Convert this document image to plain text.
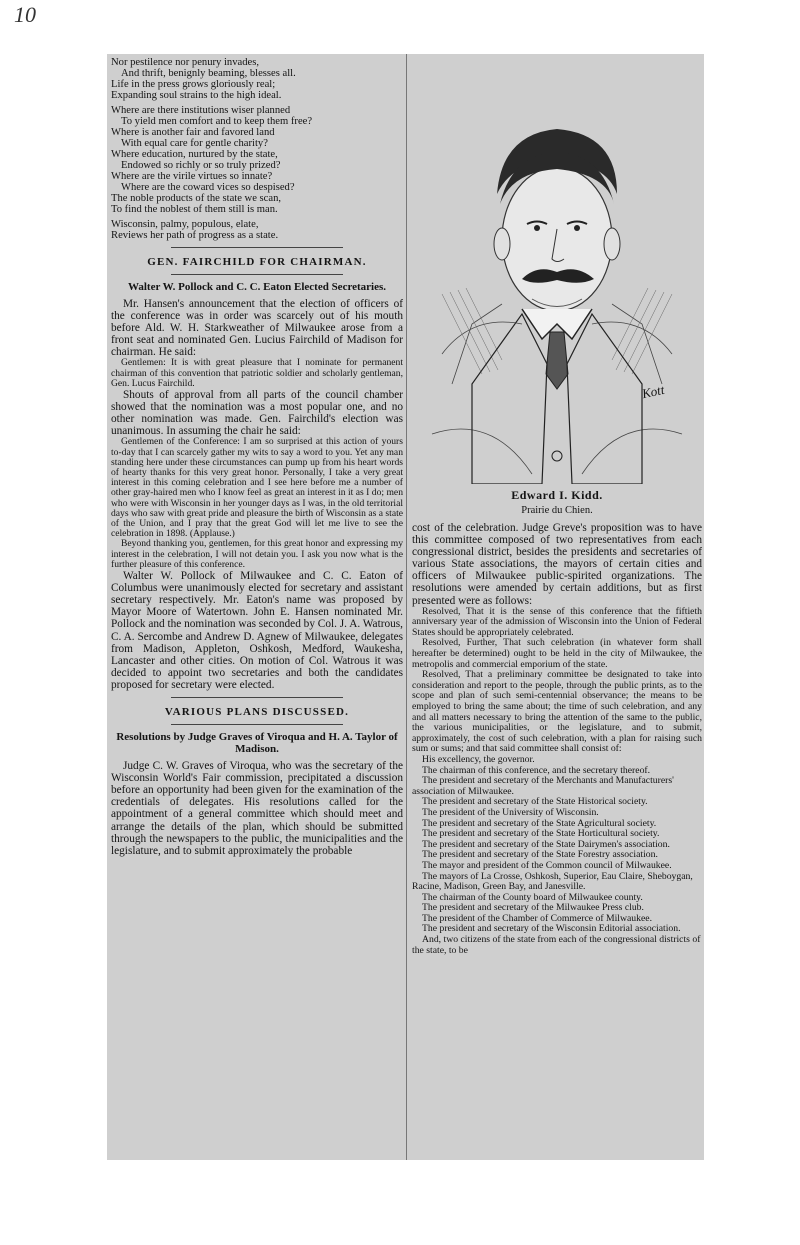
10

Nor pestilence nor penury invades,

And thrift, benignly beaming, blesses all.

Life in the press grows gloriously real;

Expanding soul strains to the high ideal.

Where are there institutions wiser planned

To yield men comfort and to keep them free?

Where is another fair and favored land

With equal care for gentle charity?

Where education, nurtured by the state,

Endowed so richly or so truly prized?

Where are the virile virtues so innate?

Where are the coward vices so despised?

The noble products of the state we scan,

To find the noblest of them still is man.

Wisconsin, palmy, populous, elate,

Reviews her path of progress as a state.

GEN. FAIRCHILD FOR CHAIRMAN.
Walter W. Pollock and C. C. Eaton Elected Secretaries.

Mr. Hansen's announcement that the election of officers of the conference was in order was scarcely out of his mouth before Ald. W. H. Starkweather of Milwaukee arose from a front seat and nominated Gen. Lucius Fairchild of Madison for chairman. He said:

Gentlemen: It is with great pleasure that I nominate for permanent chairman of this convention that patriotic soldier and scholarly gentleman, Gen. Lucus Fairchild.

Shouts of approval from all parts of the council chamber showed that the nomination was a most popular one, and no other nomination was made. Gen. Fairchild's election was unanimous. In assuming the chair he said:

Gentlemen of the Conference: I am so surprised at this action of yours to-day that I can scarcely gather my wits to say a word to you. Yet any man standing here under these circumstances can pump up from his heart words of hearty thanks for this very great honor. Personally, I take a very great interest in this coming celebration and I see here before me a number of other gray-haired men who I know feel as great an interest in it as I do; men who were with Wisconsin in her younger days as I was, in the old territorial days who saw with great pride and pleasure the birth of Wisconsin as a state of the Union, and I pray that the great God will let me live to see the celebration in 1898. (Applause.)

Beyond thanking you, gentlemen, for this great honor and expressing my interest in the celebration, I will not detain you. I ask you now what is the further pleasure of this conference.

Walter W. Pollock of Milwaukee and C. C. Eaton of Columbus were unanimously elected for secretary and assistant secretary respectively. Mr. Eaton's name was proposed by Mayor Moore of Watertown. John E. Hansen nominated Mr. Pollock and the nomination was seconded by Col. J. A. Watrous, C. A. Sercombe and Andrew D. Agnew of Milwaukee, delegates from Madison, Appleton, Oshkosh, Medford, Waukesha, Lancaster and other cities. On motion of Col. Watrous it was decided to appoint two secretaries and both the candidates proposed for secretary were elected.

VARIOUS PLANS DISCUSSED.
Resolutions by Judge Graves of Viroqua and H. A. Taylor of Madison.

Judge C. W. Graves of Viroqua, who was the secretary of the Wisconsin World's Fair commission, precipitated a discussion before an opportunity had been given for the examination of the credentials of delegates. His resolutions called for the appointment of a general committee which should meet and arrange the details of the plan, which should be submitted through the newspapers to the public, the municipalities and the legislature, and to submit approximately the probable

Kott
Edward I. Kidd.
Prairie du Chien.

cost of the celebration. Judge Greve's proposition was to have this committee composed of two representatives from each congressional district, besides the presidents and secretaries of various State associations, the mayors of certain cities and officers of Milwaukee public-spirited organizations. The resolutions were amended by certain additions, but as first presented were as follows:

Resolved, That it is the sense of this conference that the fiftieth anniversary year of the admission of Wisconsin into the Union of Federal States should be appropriately celebrated.

Resolved, Further, That such celebration (in whatever form shall hereafter be determined) ought to be held in the city of Milwaukee, the metropolis and commercial emporium of the state.

Resolved, That a preliminary committee be designated to take into consideration and report to the people, through the public prints, as to the scope and plan of such semi-centennial observance; the means to be employed to bring the same about; the time of such celebration, and any and all matters necessary to bring the attention of the same to the public, the various municipalities, or the legislature, and to submit, approximately, the cost of such celebration, with a plan for raising such sum or sums; and that said committee shall consist of:

His excellency, the governor.

The chairman of this conference, and the secretary thereof.

The president and secretary of the Merchants and Manufacturers' association of Milwaukee.

The president and secretary of the State Historical society.

The president of the University of Wisconsin.

The president and secretary of the State Agricultural society.

The president and secretary of the State Horticultural society.

The president and secretary of the State Dairymen's association.

The president and secretary of the State Forestry association.

The mayor and president of the Common council of Milwaukee.

The mayors of La Crosse, Oshkosh, Superior, Eau Claire, Sheboygan, Racine, Madison, Green Bay, and Janesville.

The chairman of the County board of Milwaukee county.

The president and secretary of the Milwaukee Press club.

The president of the Chamber of Commerce of Milwaukee.

The president and secretary of the Wisconsin Editorial association.

And, two citizens of the state from each of the congressional districts of the state, to be
